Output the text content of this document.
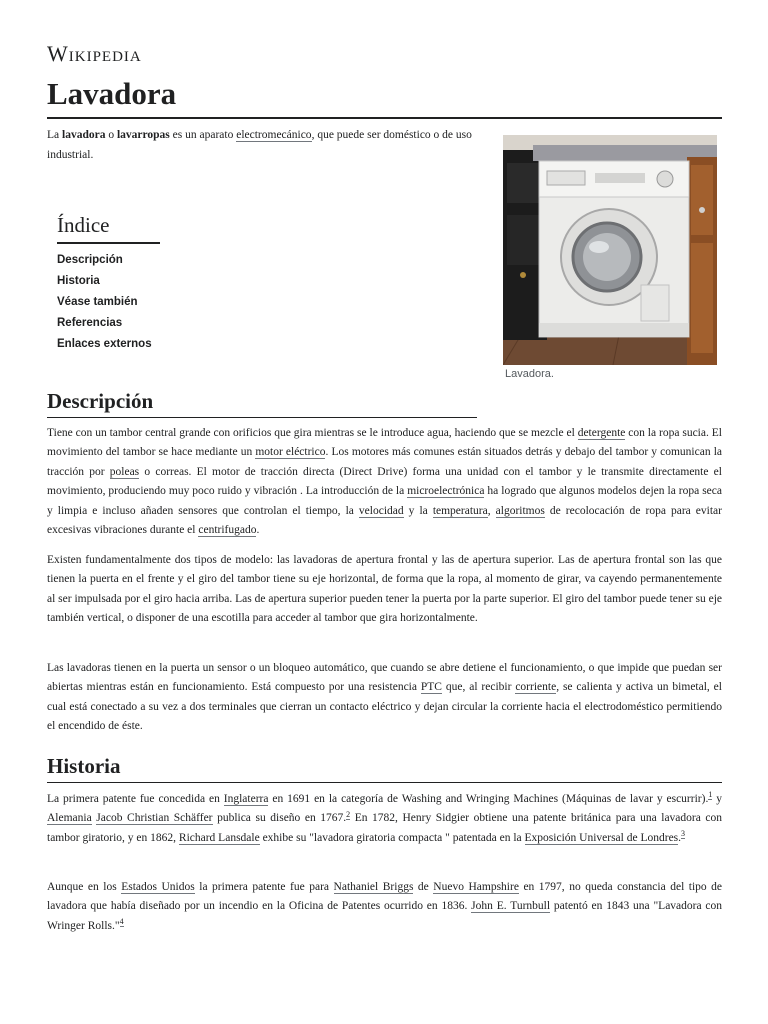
Wikipedia
Lavadora
La lavadora o lavarropas es un aparato electromecánico, que puede ser doméstico o de uso industrial.
Lavadora.
Índice
Descripción
Historia
Véase también
Referencias
Enlaces externos
Descripción

Tiene con un tambor central grande con orificios que gira mientras se le introduce agua, haciendo que se mezcle el detergente con la ropa sucia. El movimiento del tambor se hace mediante un motor eléctrico. Los motores más comunes están situados detrás y debajo del tambor y comunican la tracción por poleas o correas. El motor de tracción directa (Direct Drive) forma una unidad con el tambor y le transmite directamente el movimiento, produciendo muy poco ruido y vibración . La introducción de la microelectrónica ha logrado que algunos modelos dejen la ropa seca y limpia e incluso añaden sensores que controlan el tiempo, la velocidad y la temperatura, algoritmos de recolocación de ropa para evitar excesivas vibraciones durante el centrifugado.

Existen fundamentalmente dos tipos de modelo: las lavadoras de apertura frontal y las de apertura superior. Las de apertura frontal son las que tienen la puerta en el frente y el giro del tambor tiene su eje horizontal, de forma que la ropa, al momento de girar, va cayendo permanentemente al ser impulsada por el giro hacia arriba. Las de apertura superior pueden tener la puerta por la parte superior. El giro del tambor puede tener su eje también vertical, o disponer de una escotilla para acceder al tambor que gira horizontalmente.

Las lavadoras tienen en la puerta un sensor o un bloqueo automático, que cuando se abre detiene el funcionamiento, o que impide que puedan ser abiertas mientras están en funcionamiento. Está compuesto por una resistencia PTC que, al recibir corriente, se calienta y activa un bimetal, el cual está conectado a su vez a dos terminales que cierran un contacto eléctrico y dejan circular la corriente hacia el electrodoméstico permitiendo el encendido de éste.

Historia

La primera patente fue concedida en Inglaterra en 1691 en la categoría de Washing and Wringing Machines (Máquinas de lavar y escurrir).$^1$ y Alemania Jacob Christian Schäffer publica su diseño en 1767.$^2$ En 1782, Henry Sidgier obtiene una patente británica para una lavadora con tambor giratorio, y en 1862, Richard Lansdale exhibe su "lavadora giratoria compacta " patentada en la Exposición Universal de Londres.$^3$

Aunque en los Estados Unidos la primera patente fue para Nathaniel Briggs de Nuevo Hampshire en 1797, no queda constancia del tipo de lavadora que había diseñado por un incendio en la Oficina de Patentes ocurrido en 1836. John E. Turnbull patentó en 1843 una "Lavadora con Wringer Rolls."$^4$
